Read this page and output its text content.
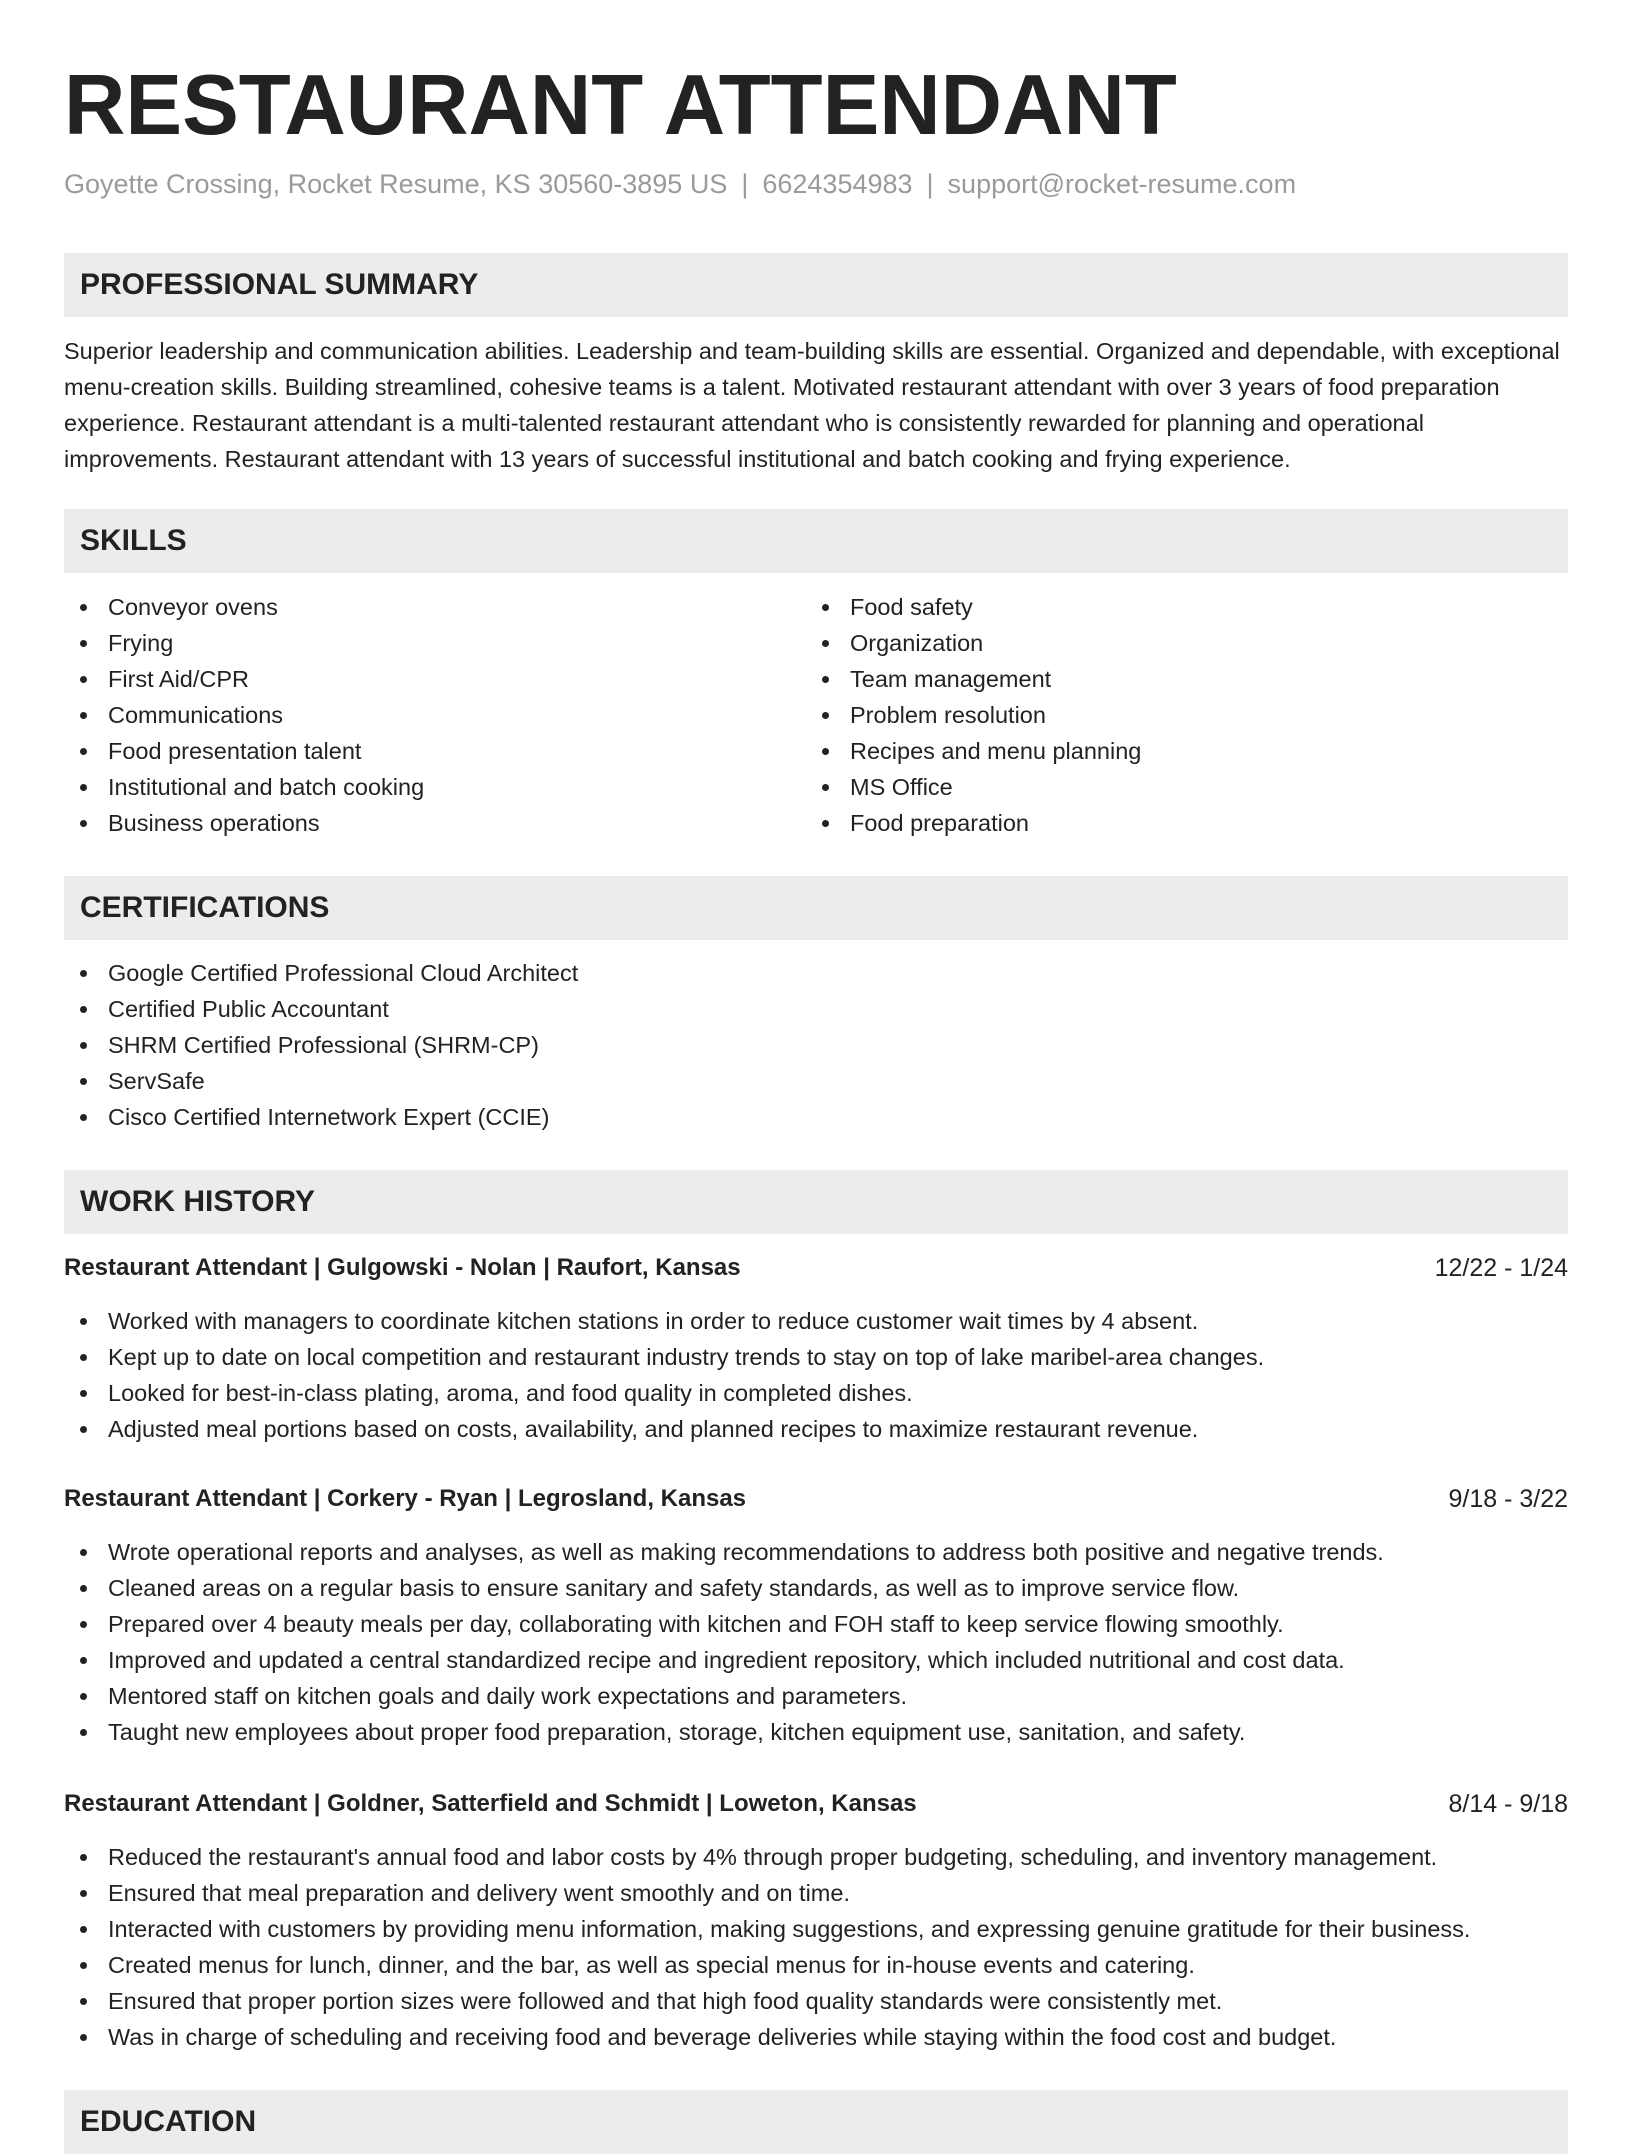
RESTAURANT ATTENDANT
Goyette Crossing, Rocket Resume, KS 30560-3895 US | 6624354983 | support@rocket-resume.com
PROFESSIONAL SUMMARY
Superior leadership and communication abilities. Leadership and team-building skills are essential. Organized and dependable, with exceptional menu-creation skills. Building streamlined, cohesive teams is a talent. Motivated restaurant attendant with over 3 years of food preparation experience. Restaurant attendant is a multi-talented restaurant attendant who is consistently rewarded for planning and operational improvements. Restaurant attendant with 13 years of successful institutional and batch cooking and frying experience.
SKILLS
Conveyor ovens
Frying
First Aid/CPR
Communications
Food presentation talent
Institutional and batch cooking
Business operations
Food safety
Organization
Team management
Problem resolution
Recipes and menu planning
MS Office
Food preparation
CERTIFICATIONS
Google Certified Professional Cloud Architect
Certified Public Accountant
SHRM Certified Professional (SHRM-CP)
ServSafe
Cisco Certified Internetwork Expert (CCIE)
WORK HISTORY
Restaurant Attendant | Gulgowski - Nolan | Raufort, Kansas	12/22 - 1/24
Worked with managers to coordinate kitchen stations in order to reduce customer wait times by 4 absent.
Kept up to date on local competition and restaurant industry trends to stay on top of lake maribel-area changes.
Looked for best-in-class plating, aroma, and food quality in completed dishes.
Adjusted meal portions based on costs, availability, and planned recipes to maximize restaurant revenue.
Restaurant Attendant | Corkery - Ryan | Legrosland, Kansas	9/18 - 3/22
Wrote operational reports and analyses, as well as making recommendations to address both positive and negative trends.
Cleaned areas on a regular basis to ensure sanitary and safety standards, as well as to improve service flow.
Prepared over 4 beauty meals per day, collaborating with kitchen and FOH staff to keep service flowing smoothly.
Improved and updated a central standardized recipe and ingredient repository, which included nutritional and cost data.
Mentored staff on kitchen goals and daily work expectations and parameters.
Taught new employees about proper food preparation, storage, kitchen equipment use, sanitation, and safety.
Restaurant Attendant | Goldner, Satterfield and Schmidt | Loweton, Kansas	8/14 - 9/18
Reduced the restaurant's annual food and labor costs by 4% through proper budgeting, scheduling, and inventory management.
Ensured that meal preparation and delivery went smoothly and on time.
Interacted with customers by providing menu information, making suggestions, and expressing genuine gratitude for their business.
Created menus for lunch, dinner, and the bar, as well as special menus for in-house events and catering.
Ensured that proper portion sizes were followed and that high food quality standards were consistently met.
Was in charge of scheduling and receiving food and beverage deliveries while staying within the food cost and budget.
EDUCATION
